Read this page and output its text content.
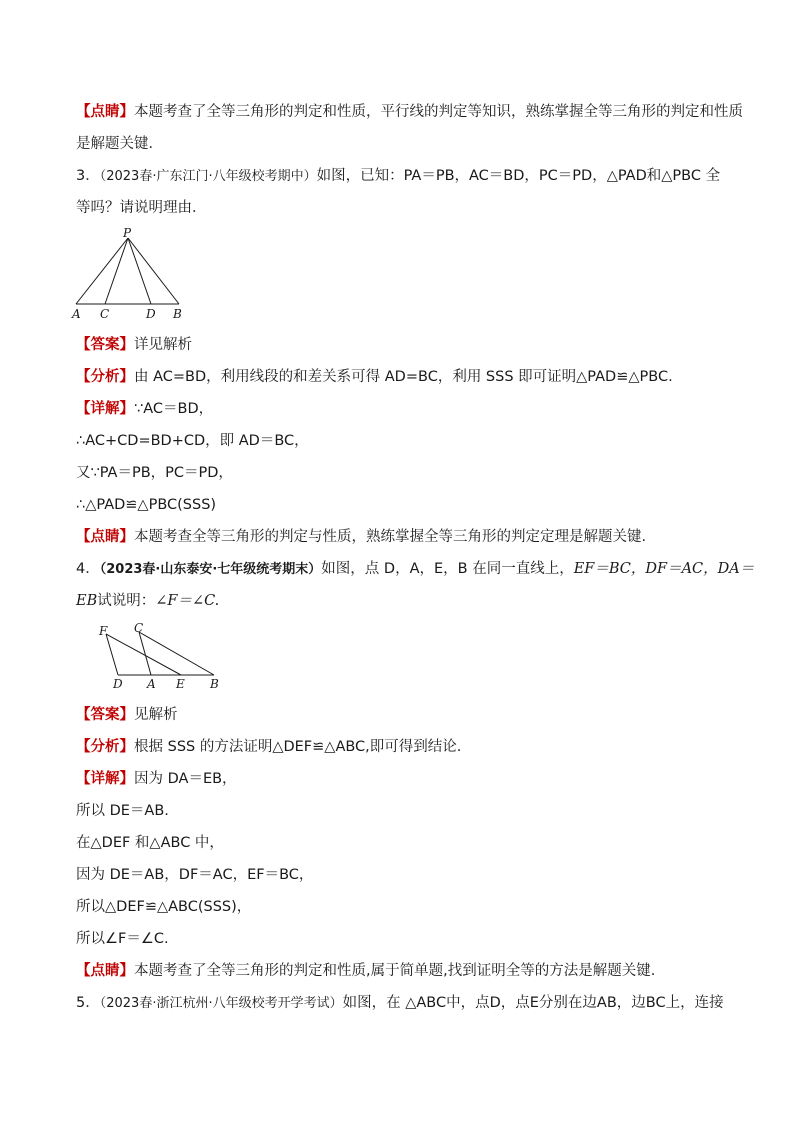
【点睛】本题考查了全等三角形的判定和性质，平行线的判定等知识，熟练掌握全等三角形的判定和性质
是解题关键．
3．（2023春·广东江门·八年级校考期中）如图，已知：PA＝PB，AC＝BD，PC＝PD，△PAD和△PBC 全
等吗？请说明理由．
P
A C	D B
【答案】详见解析
【分析】由 AC=BD，利用线段的和差关系可得 AD=BC，利用 SSS 即可证明△PAD≌△PBC.
【详解】∵AC＝BD，
∴AC+CD=BD+CD，即 AD＝BC，
又∵PA＝PB，PC＝PD，
∴△PAD≌△PBC(SSS)
【点睛】本题考查全等三角形的判定与性质，熟练掌握全等三角形的判定定理是解题关键.
4．（2023春·山东泰安·七年级统考期末）如图，点 D，A，E，B 在同一直线上，EF＝BC，DF＝AC，DA＝
EB试说明：∠F＝∠C.
F C
D A E B
【答案】见解析
【分析】根据 SSS 的方法证明△DEF≌△ABC,即可得到结论.
【详解】因为 DA＝EB，
所以 DE＝AB.
在△DEF 和△ABC 中，
因为 DE＝AB，DF＝AC，EF＝BC，
所以△DEF≌△ABC(SSS)，
所以∠F＝∠C.
【点睛】本题考查了全等三角形的判定和性质,属于简单题,找到证明全等的方法是解题关键.
5．（2023春·浙江杭州·八年级校考开学考试）如图，在 △ABC中，点D，点E分别在边AB，边BC上，连接
